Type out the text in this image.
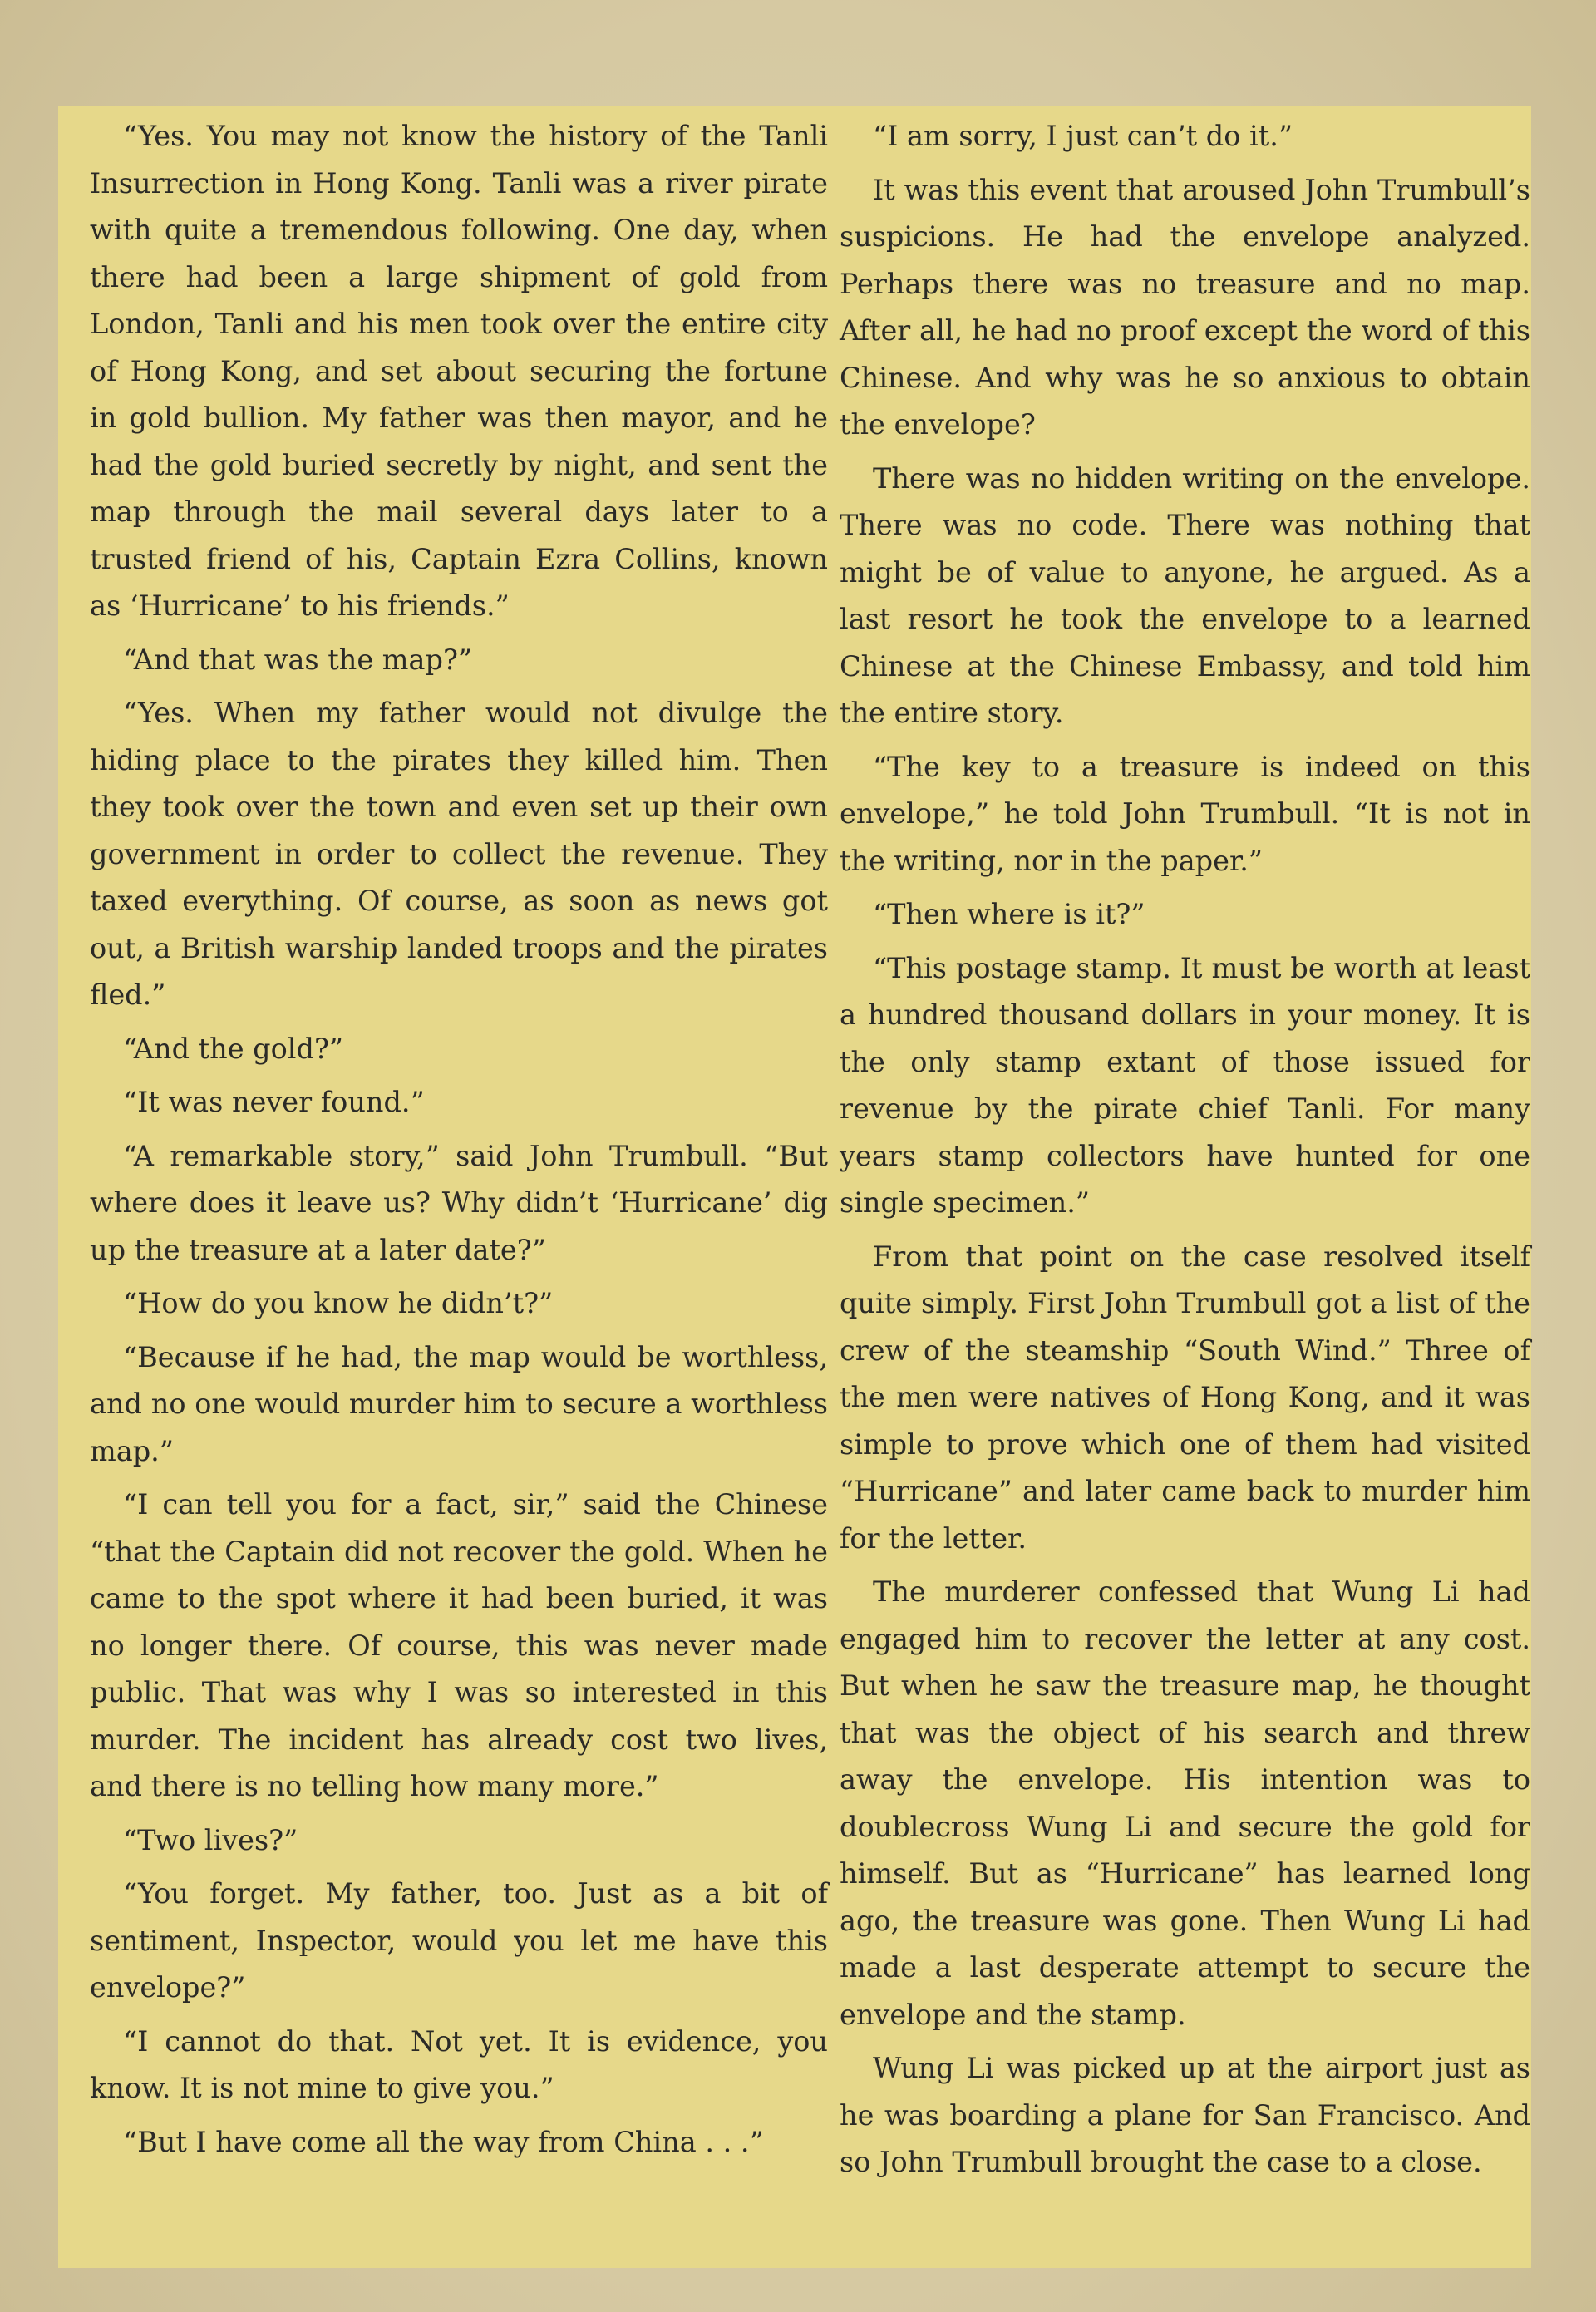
“Yes. You may not know the history of the Tanli Insurrection in Hong Kong. Tanli was a river pirate with quite a tremendous following. One day, when there had been a large shipment of gold from London, Tanli and his men took over the entire city of Hong Kong, and set about securing the fortune in gold bullion. My father was then mayor, and he had the gold buried secretly by night, and sent the map through the mail several days later to a trusted friend of his, Captain Ezra Collins, known as ‘Hurricane’ to his friends.”

“And that was the map?”

“Yes. When my father would not divulge the hiding place to the pirates they killed him. Then they took over the town and even set up their own government in order to collect the revenue. They taxed everything. Of course, as soon as news got out, a British warship landed troops and the pirates fled.”

“And the gold?”

“It was never found.”

“A remarkable story,” said John Trumbull. “But where does it leave us? Why didn’t ‘Hurricane’ dig up the treasure at a later date?”

“How do you know he didn’t?”

“Because if he had, the map would be worthless, and no one would murder him to secure a worthless map.”

“I can tell you for a fact, sir,” said the Chinese “that the Captain did not recover the gold. When he came to the spot where it had been buried, it was no longer there. Of course, this was never made public. That was why I was so interested in this murder. The incident has already cost two lives, and there is no telling how many more.”

“Two lives?”

“You forget. My father, too. Just as a bit of sentiment, Inspector, would you let me have this envelope?”

“I cannot do that. Not yet. It is evidence, you know. It is not mine to give you.”

“But I have come all the way from China . . .”

“I am sorry, I just can’t do it.”

It was this event that aroused John Trumbull’s suspicions. He had the envelope analyzed. Perhaps there was no treasure and no map. After all, he had no proof except the word of this Chinese. And why was he so anxious to obtain the envelope?

There was no hidden writing on the envelope. There was no code. There was nothing that might be of value to anyone, he argued. As a last resort he took the envelope to a learned Chinese at the Chinese Embassy, and told him the entire story.

“The key to a treasure is indeed on this envelope,” he told John Trumbull. “It is not in the writing, nor in the paper.”

“Then where is it?”

“This postage stamp. It must be worth at least a hundred thousand dollars in your money. It is the only stamp extant of those issued for revenue by the pirate chief Tanli. For many years stamp collectors have hunted for one single specimen.”

From that point on the case resolved itself quite simply. First John Trumbull got a list of the crew of the steamship “South Wind.” Three of the men were natives of Hong Kong, and it was simple to prove which one of them had visited “Hurricane” and later came back to murder him for the letter.

The murderer confessed that Wung Li had engaged him to recover the letter at any cost. But when he saw the treasure map, he thought that was the object of his search and threw away the envelope. His intention was to doublecross Wung Li and secure the gold for himself. But as “Hurricane” has learned long ago, the treasure was gone. Then Wung Li had made a last desperate attempt to secure the envelope and the stamp.

Wung Li was picked up at the airport just as he was boarding a plane for San Francisco. And so John Trumbull brought the case to a close.
